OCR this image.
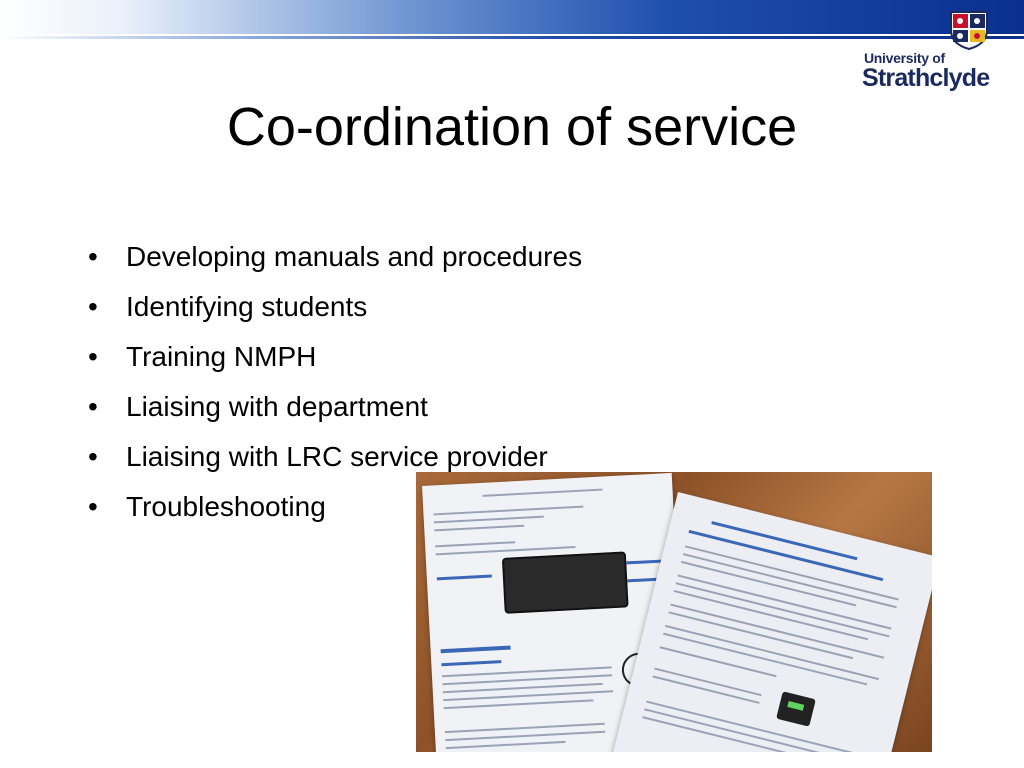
University of
Strathclyde
Co-ordination of service
• Developing manuals and procedures
• Identifying students
• Training NMPH
• Liaising with department
• Liaising with LRC service provider
• Troubleshooting
